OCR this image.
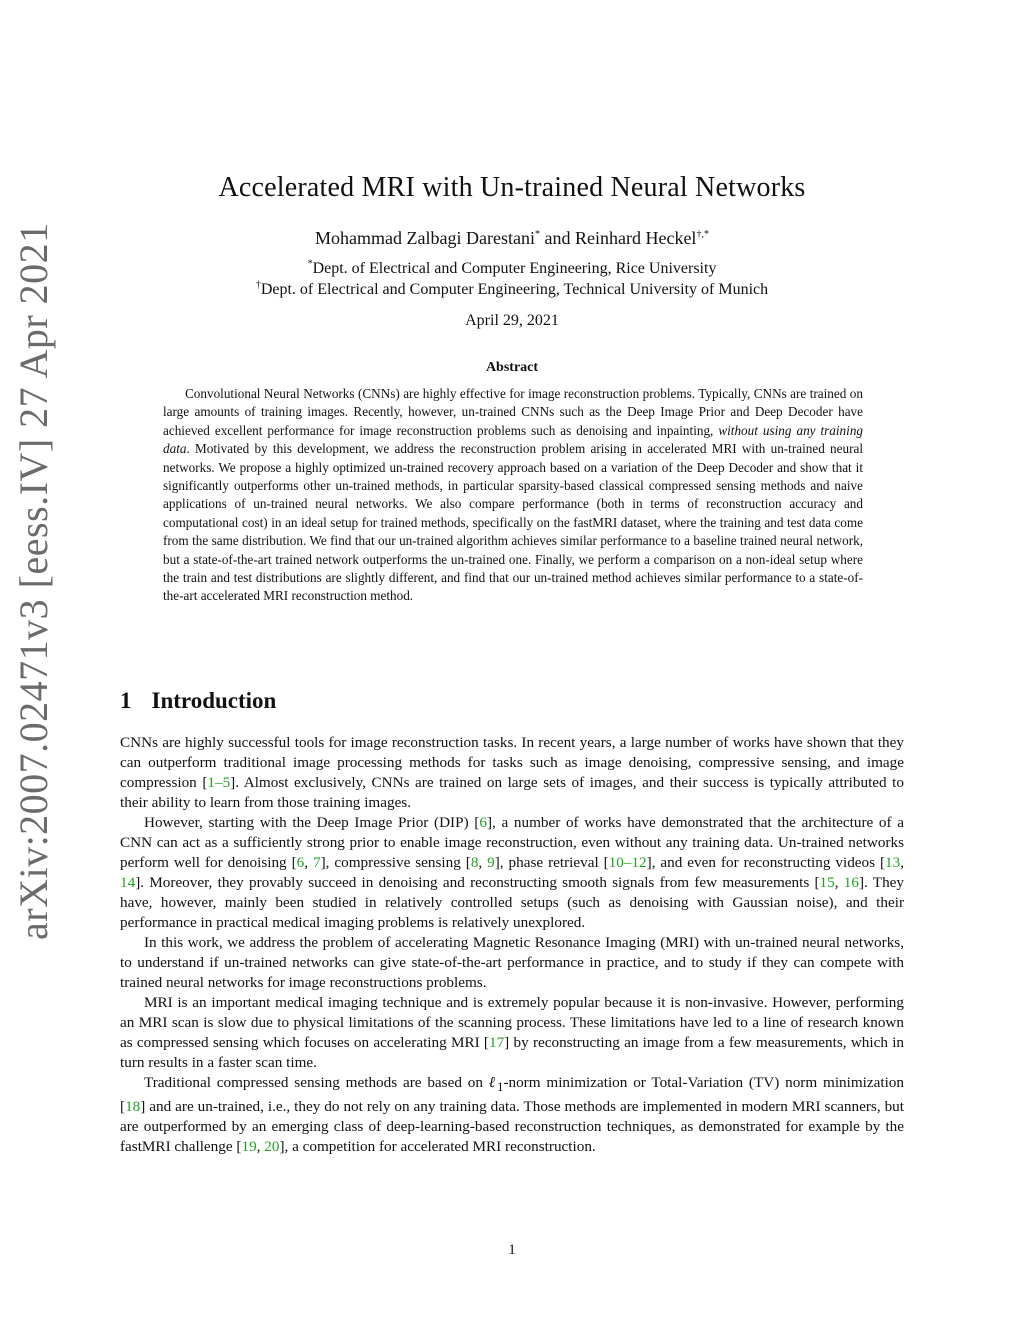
arXiv:2007.02471v3 [eess.IV] 27 Apr 2021
Accelerated MRI with Un-trained Neural Networks
Mohammad Zalbagi Darestani* and Reinhard Heckel†,*
*Dept. of Electrical and Computer Engineering, Rice University
†Dept. of Electrical and Computer Engineering, Technical University of Munich
April 29, 2021
Abstract
Convolutional Neural Networks (CNNs) are highly effective for image reconstruction problems. Typically, CNNs are trained on large amounts of training images. Recently, however, un-trained CNNs such as the Deep Image Prior and Deep Decoder have achieved excellent performance for image reconstruction problems such as denoising and inpainting, without using any training data. Motivated by this development, we address the reconstruction problem arising in accelerated MRI with un-trained neural networks. We propose a highly optimized un-trained recovery approach based on a variation of the Deep Decoder and show that it significantly outperforms other un-trained methods, in particular sparsity-based classical compressed sensing methods and naive applications of un-trained neural networks. We also compare performance (both in terms of reconstruction accuracy and computational cost) in an ideal setup for trained methods, specifically on the fastMRI dataset, where the training and test data come from the same distribution. We find that our un-trained algorithm achieves similar performance to a baseline trained neural network, but a state-of-the-art trained network outperforms the un-trained one. Finally, we perform a comparison on a non-ideal setup where the train and test distributions are slightly different, and find that our un-trained method achieves similar performance to a state-of-the-art accelerated MRI reconstruction method.
1 Introduction

CNNs are highly successful tools for image reconstruction tasks. In recent years, a large number of works have shown that they can outperform traditional image processing methods for tasks such as image denoising, compressive sensing, and image compression [1–5]. Almost exclusively, CNNs are trained on large sets of images, and their success is typically attributed to their ability to learn from those training images.

However, starting with the Deep Image Prior (DIP) [6], a number of works have demonstrated that the architecture of a CNN can act as a sufficiently strong prior to enable image reconstruction, even without any training data. Un-trained networks perform well for denoising [6, 7], compressive sensing [8, 9], phase retrieval [10–12], and even for reconstructing videos [13, 14]. Moreover, they provably succeed in denoising and reconstructing smooth signals from few measurements [15, 16]. They have, however, mainly been studied in relatively controlled setups (such as denoising with Gaussian noise), and their performance in practical medical imaging problems is relatively unexplored.

In this work, we address the problem of accelerating Magnetic Resonance Imaging (MRI) with un-trained neural networks, to understand if un-trained networks can give state-of-the-art performance in practice, and to study if they can compete with trained neural networks for image reconstructions problems.

MRI is an important medical imaging technique and is extremely popular because it is non-invasive. However, performing an MRI scan is slow due to physical limitations of the scanning process. These limitations have led to a line of research known as compressed sensing which focuses on accelerating MRI [17] by reconstructing an image from a few measurements, which in turn results in a faster scan time.

Traditional compressed sensing methods are based on ℓ$_1$-norm minimization or Total-Variation (TV) norm minimization [18] and are un-trained, i.e., they do not rely on any training data. Those methods are implemented in modern MRI scanners, but are outperformed by an emerging class of deep-learning-based reconstruction techniques, as demonstrated for example by the fastMRI challenge [19, 20], a competition for accelerated MRI reconstruction.

1
